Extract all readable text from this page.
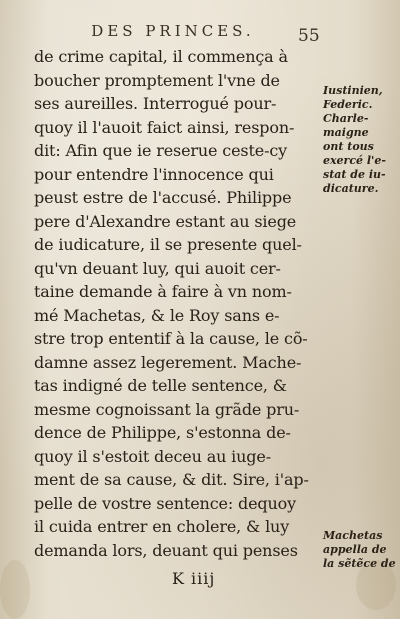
DES PRINCES.	55
de crime capital, il commença à
boucher promptement l'vne de
ses aureilles. Interrogué pour-
quoy il l'auoit faict ainsi, respon-
dit: Afin que ie reserue ceste-cy
pour entendre l'innocence qui
peust estre de l'accusé. Philippe
pere d'Alexandre estant au siege
de iudicature, il se presente quel-
qu'vn deuant luy, qui auoit cer-
taine demande à faire à vn nom-
mé Machetas, & le Roy sans e-
stre trop ententif à la cause, le cõ-
damne assez legerement. Mache-
tas indigné de telle sentence, &
mesme cognoissant la grãde pru-
dence de Philippe, s'estonna de-
quoy il s'estoit deceu au iuge-
ment de sa cause, & dit. Sire, i'ap-
pelle de vostre sentence: dequoy
il cuida entrer en cholere, & luy
demanda lors, deuant qui penses
K iiij
Iustinien,
Federic.
Charle-
maigne
ont tous
exercé l'e-
stat de iu-
dicature.
Machetas
appella de
la sẽtẽce de
